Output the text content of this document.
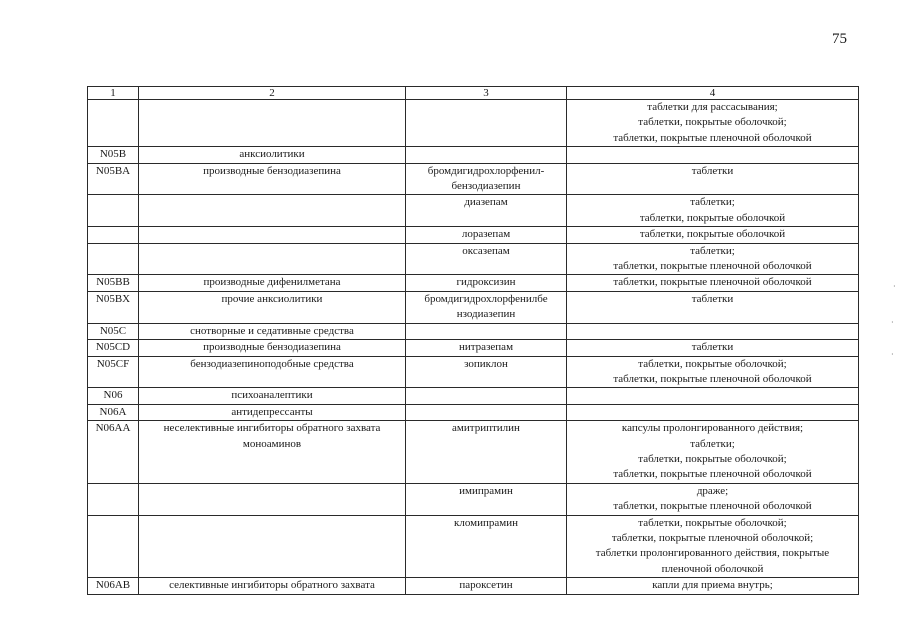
75
1	2	3	4

			таблетки для рассасывания;
таблетки, покрытые оболочкой;
таблетки, покрытые пленочной оболочкой

N05B	анксиолитики		
N05BA	производные бензодиазепина	бромдигидрохлорфенил-бензодиазепин	таблетки

		диазепам	таблетки;
таблетки, покрытые оболочкой

		лоразепам	таблетки, покрытые оболочкой

		оксазепам	таблетки;
таблетки, покрытые пленочной оболочкой

N05BB	производные дифенилметана	гидроксизин	таблетки, покрытые пленочной оболочкой

N05BX	прочие анксиолитики	бромдигидрохлорфенилбе нзодиазепин	таблетки

N05C	снотворные и седативные средства		
N05CD	производные бензодиазепина	нитразепам	таблетки

N05CF	бензодиазепиноподобные средства	зопиклон	таблетки, покрытые оболочкой;
таблетки, покрытые пленочной оболочкой

N06	психоаналептики		
N06A	антидепрессанты		
N06AA	неселективные ингибиторы обратного захвата моноаминов	амитриптилин	капсулы пролонгированного действия;
таблетки;
таблетки, покрытые оболочкой;
таблетки, покрытые пленочной оболочкой

		имипрамин	драже;
таблетки, покрытые пленочной оболочкой

		кломипрамин	таблетки, покрытые оболочкой;
таблетки, покрытые пленочной оболочкой;
таблетки пролонгированного действия, покрытые
пленочной оболочкой

N06AB	селективные ингибиторы обратного захвата	пароксетин	капли для приема внутрь;
·
·
·
